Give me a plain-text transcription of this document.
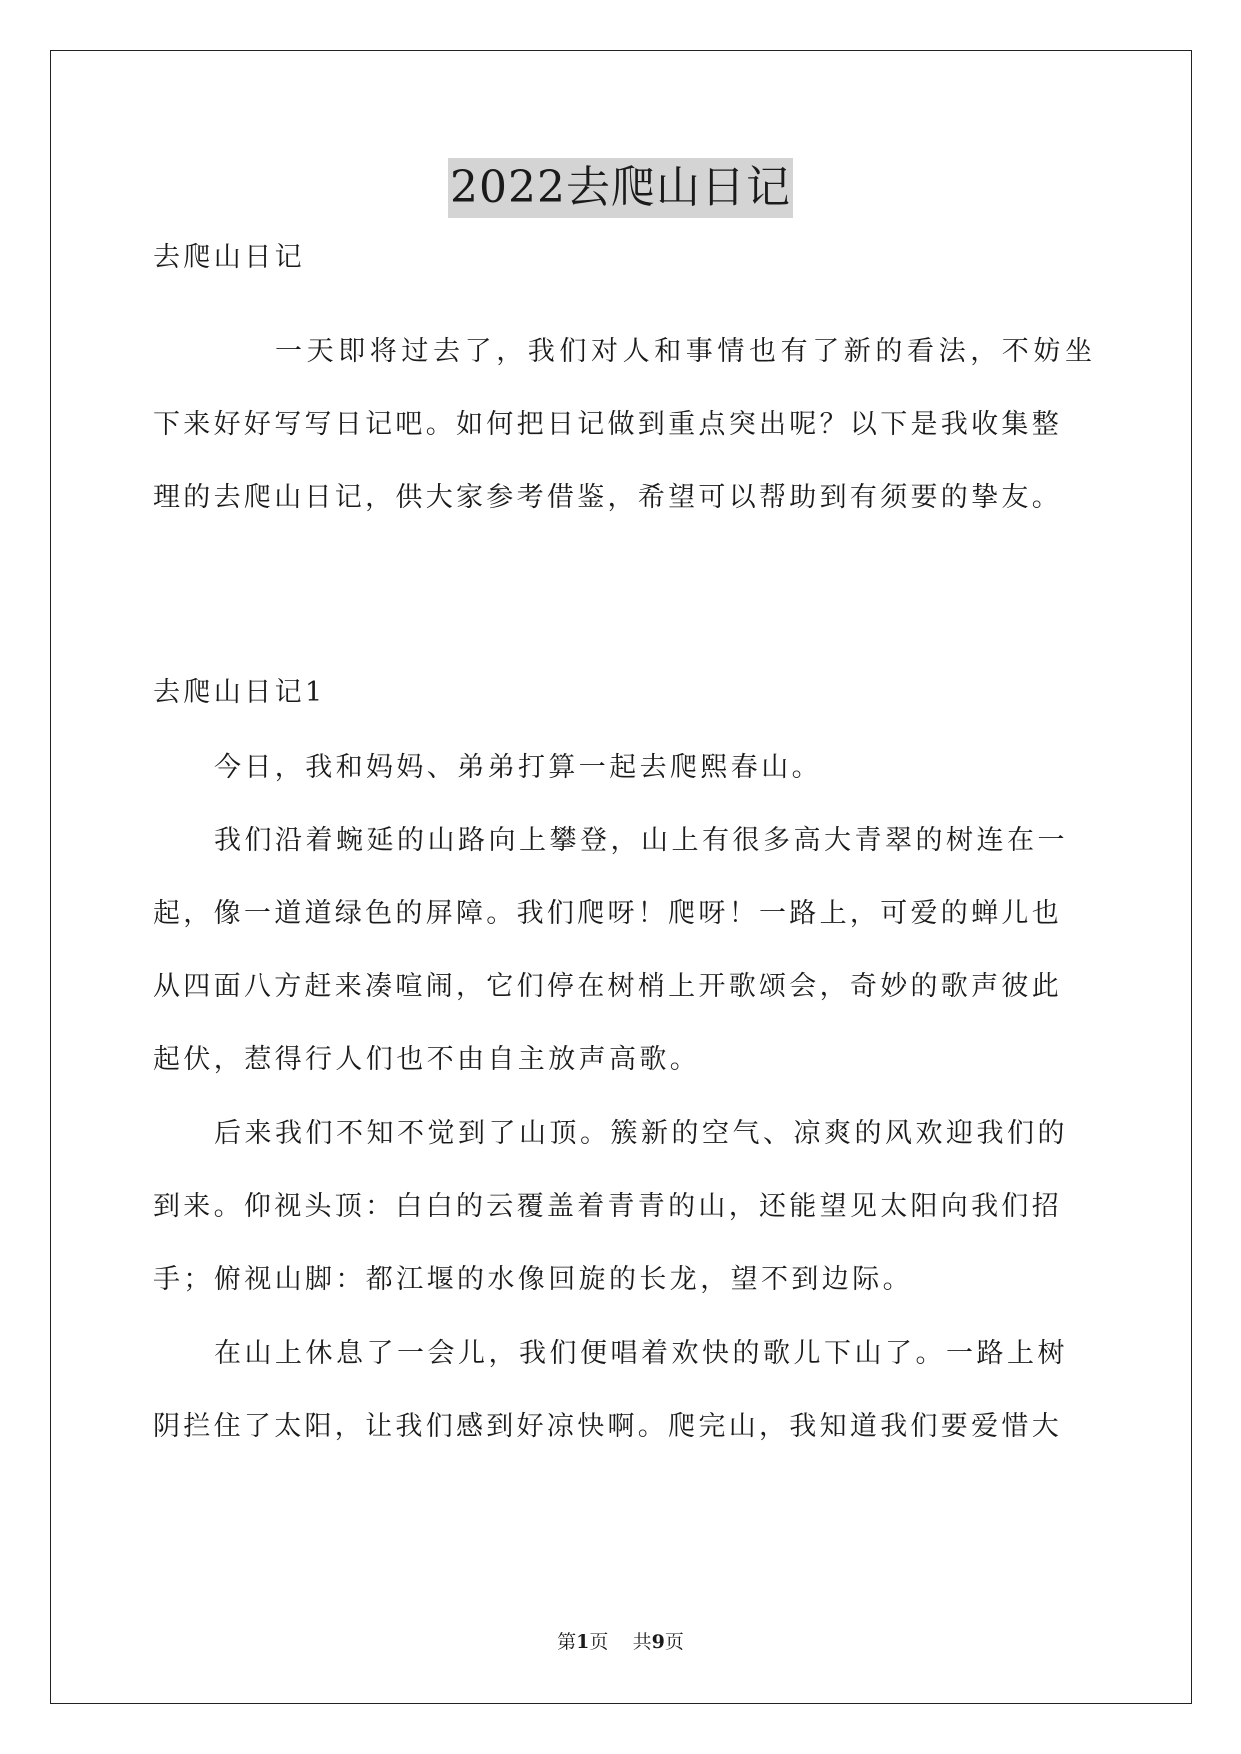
2022去爬山日记
去爬山日记
一天即将过去了，我们对人和事情也有了新的看法，不妨坐
下来好好写写日记吧。如何把日记做到重点突出呢？以下是我收集整
理的去爬山日记，供大家参考借鉴，希望可以帮助到有须要的挚友。
去爬山日记1
今日，我和妈妈、弟弟打算一起去爬熙春山。
我们沿着蜿延的山路向上攀登，山上有很多高大青翠的树连在一
起，像一道道绿色的屏障。我们爬呀！爬呀！一路上，可爱的蝉儿也
从四面八方赶来凑喧闹，它们停在树梢上开歌颂会，奇妙的歌声彼此
起伏，惹得行人们也不由自主放声高歌。
后来我们不知不觉到了山顶。簇新的空气、凉爽的风欢迎我们的
到来。仰视头顶：白白的云覆盖着青青的山，还能望见太阳向我们招
手；俯视山脚：都江堰的水像回旋的长龙，望不到边际。
在山上休息了一会儿，我们便唱着欢快的歌儿下山了。一路上树
阴拦住了太阳，让我们感到好凉快啊。爬完山，我知道我们要爱惜大
第1页 共9页
